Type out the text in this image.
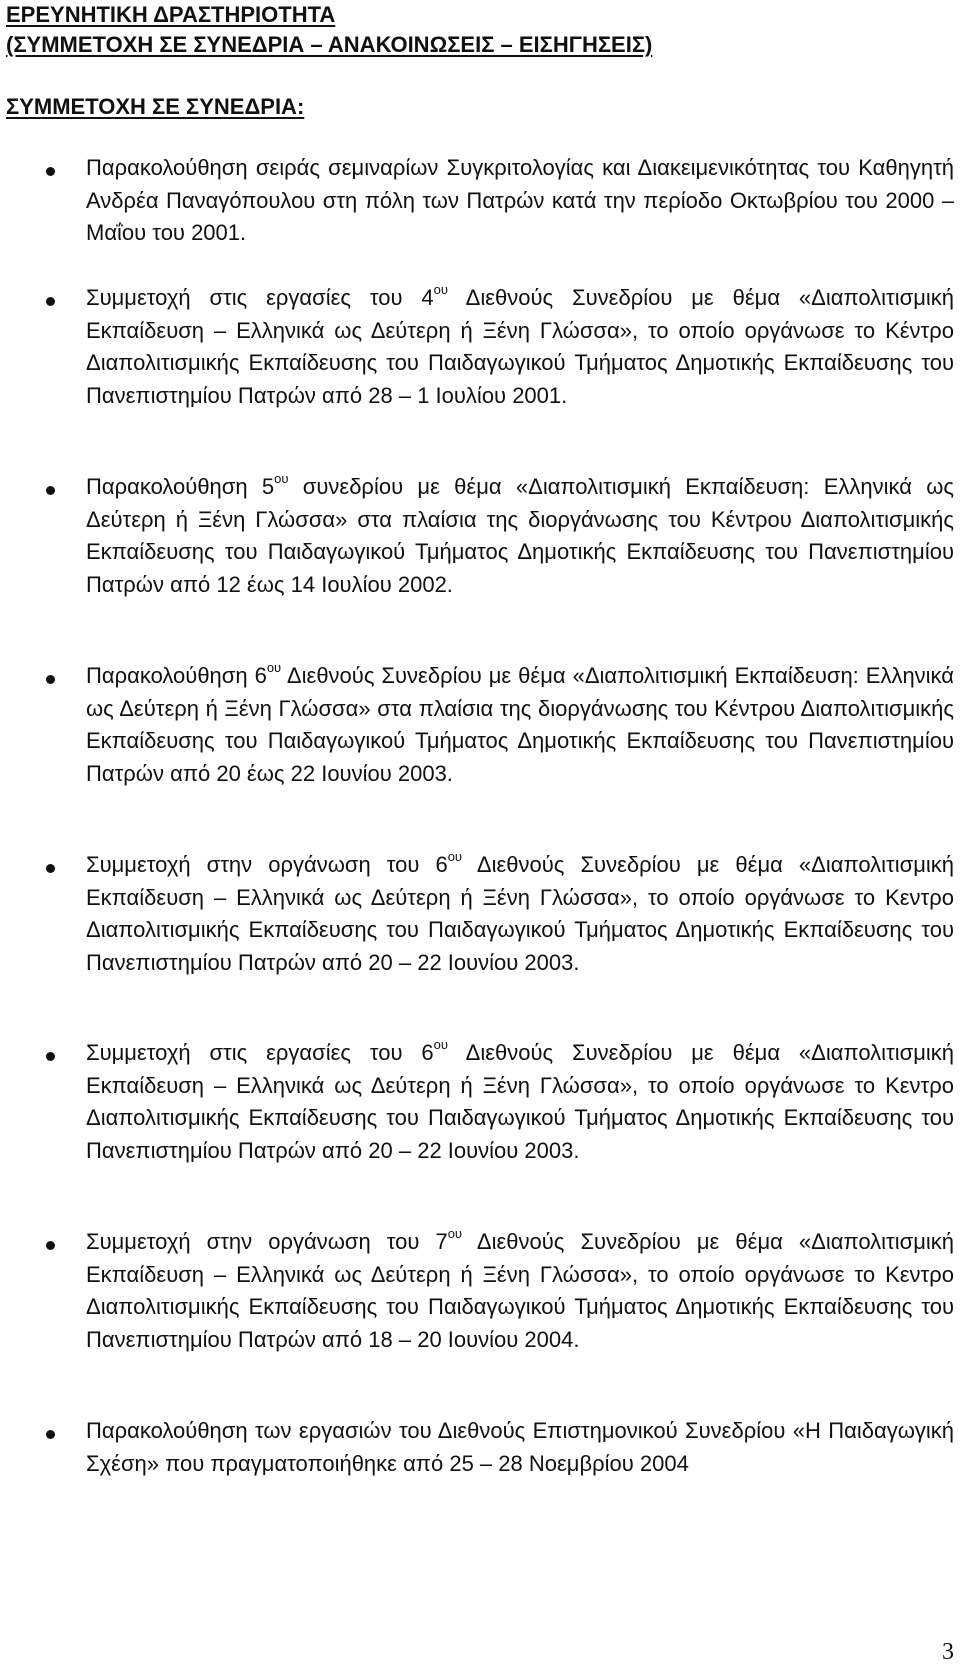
ΕΡΕΥΝΗΤΙΚΗ ΔΡΑΣΤΗΡΙΟΤΗΤΑ
(ΣΥΜΜΕΤΟΧΗ ΣΕ ΣΥΝΕΔΡΙΑ – ΑΝΑΚΟΙΝΩΣΕΙΣ – ΕΙΣΗΓΗΣΕΙΣ)
ΣΥΜΜΕΤΟΧΗ ΣΕ ΣΥΝΕΔΡΙΑ:
Παρακολούθηση σειράς σεμιναρίων Συγκριτολογίας και Διακειμενικότητας του Καθηγητή Ανδρέα Παναγόπουλου στη πόλη των Πατρών κατά την περίοδο Οκτωβρίου του 2000 – Μαΐου του 2001.
Συμμετοχή στις εργασίες του $4^{o\upsilon}$ Διεθνούς Συνεδρίου με θέμα «Διαπολιτισμική Εκπαίδευση – Ελληνικά ως Δεύτερη ή Ξένη Γλώσσα», το οποίο οργάνωσε το Κέντρο Διαπολιτισμικής Εκπαίδευσης του Παιδαγωγικού Τμήματος Δημοτικής Εκπαίδευσης του Πανεπιστημίου Πατρών από 28 – 1 Ιουλίου 2001.
Παρακολούθηση $5^{o\upsilon}$ συνεδρίου με θέμα «Διαπολιτισμική Εκπαίδευση: Ελληνικά ως Δεύτερη ή Ξένη Γλώσσα» στα πλαίσια της διοργάνωσης του Κέντρου Διαπολιτισμικής Εκπαίδευσης του Παιδαγωγικού Τμήματος Δημοτικής Εκπαίδευσης του Πανεπιστημίου Πατρών από 12 έως 14 Ιουλίου 2002.
Παρακολούθηση $6^{o\upsilon}$ Διεθνούς Συνεδρίου με θέμα «Διαπολιτισμική Εκπαίδευση: Ελληνικά ως Δεύτερη ή Ξένη Γλώσσα» στα πλαίσια της διοργάνωσης του Κέντρου Διαπολιτισμικής Εκπαίδευσης του Παιδαγωγικού Τμήματος Δημοτικής Εκπαίδευσης του Πανεπιστημίου Πατρών από 20 έως 22 Ιουνίου 2003.
Συμμετοχή στην οργάνωση του $6^{o\upsilon}$ Διεθνούς Συνεδρίου με θέμα «Διαπολιτισμική Εκπαίδευση – Ελληνικά ως Δεύτερη ή Ξένη Γλώσσα», το οποίο οργάνωσε το Κεντρο Διαπολιτισμικής Εκπαίδευσης του Παιδαγωγικού Τμήματος Δημοτικής Εκπαίδευσης του Πανεπιστημίου Πατρών από 20 – 22 Ιουνίου 2003.
Συμμετοχή στις εργασίες του $6^{o\upsilon}$ Διεθνούς Συνεδρίου με θέμα «Διαπολιτισμική Εκπαίδευση – Ελληνικά ως Δεύτερη ή Ξένη Γλώσσα», το οποίο οργάνωσε το Κεντρο Διαπολιτισμικής Εκπαίδευσης του Παιδαγωγικού Τμήματος Δημοτικής Εκπαίδευσης του Πανεπιστημίου Πατρών από 20 – 22 Ιουνίου 2003.
Συμμετοχή στην οργάνωση του $7^{o\upsilon}$ Διεθνούς Συνεδρίου με θέμα «Διαπολιτισμική Εκπαίδευση – Ελληνικά ως Δεύτερη ή Ξένη Γλώσσα», το οποίο οργάνωσε το Κεντρο Διαπολιτισμικής Εκπαίδευσης του Παιδαγωγικού Τμήματος Δημοτικής Εκπαίδευσης του Πανεπιστημίου Πατρών από 18 – 20 Ιουνίου 2004.
Παρακολούθηση των εργασιών του Διεθνούς Επιστημονικού Συνεδρίου «Η Παιδαγωγική Σχέση» που πραγματοποιήθηκε από 25 – 28 Νοεμβρίου 2004
3
